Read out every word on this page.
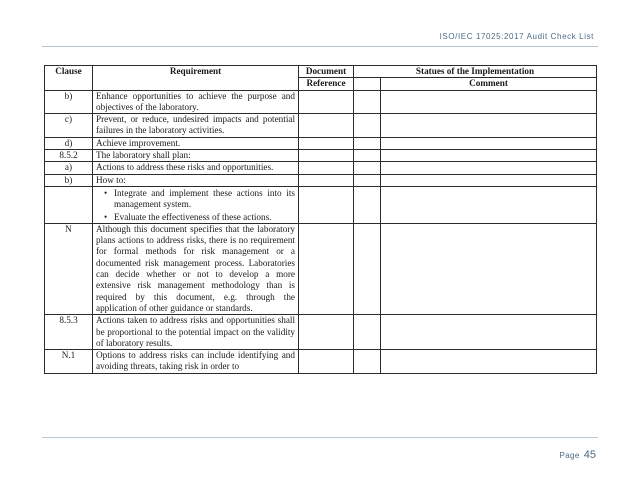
ISO/IEC 17025:2017 Audit Check List
Clause	Requirement	Document	Statues of the Implementation	
		Reference		Comment
b)	Enhance opportunities to achieve the purpose and objectives of the laboratory.			
c)	Prevent, or reduce, undesired impacts and potential failures in the laboratory activities.			
d)	Achieve improvement.			
8.5.2	The laboratory shall plan:			
a)	Actions to address these risks and opportunities.			
b)	How to:			

	• Integrate and implement these actions into its management system.
• Evaluate the effectiveness of these actions.

N	Although this document specifies that the laboratory plans actions to address risks, there is no requirement for formal methods for risk management or a documented risk management process. Laboratories can decide whether or not to develop a more extensive risk management methodology than is required by this document, e.g. through the application of other guidance or standards.			
8.5.3	Actions taken to address risks and opportunities shall be proportional to the potential impact on the validity of laboratory results.			
N.1	Options to address risks can include identifying and avoiding threats, taking risk in order to			
Page 45
